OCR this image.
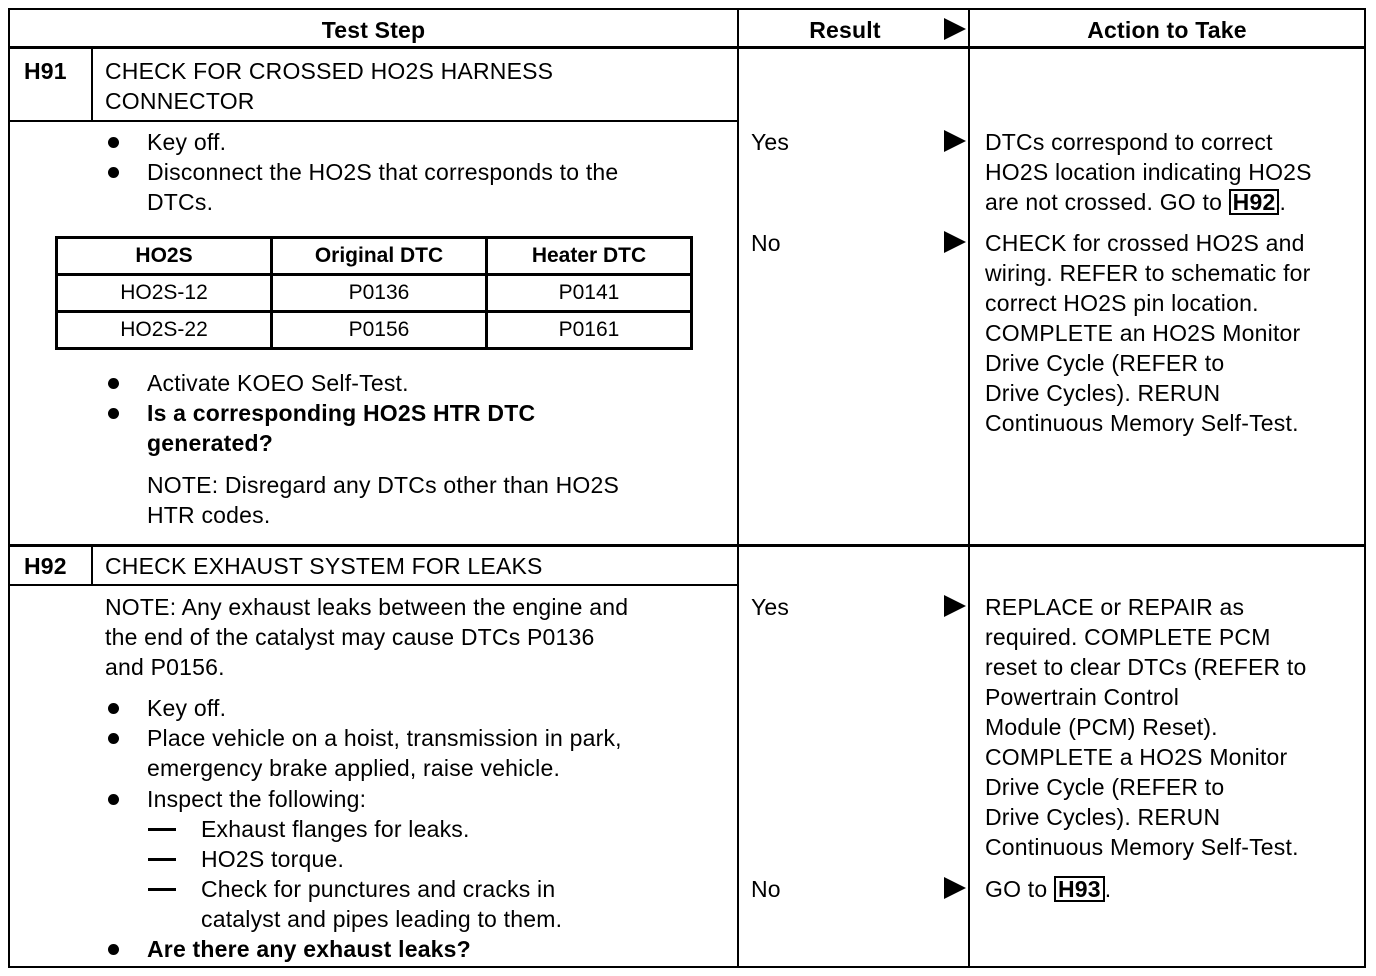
Test Step	Result	Action to Take
H91 CHECK FOR CROSSED HO2S HARNESS
CONNECTOR
Key off.
Disconnect the HO2S that corresponds to the
DTCs.
HO2S	Original DTC	Heater DTC
HO2S-12	P0136	P0141
HO2S-22	P0156	P0161
Activate KOEO Self-Test.
Is a corresponding HO2S HTR DTC
generated?
NOTE: Disregard any DTCs other than HO2S
HTR codes.
Yes	DTCs correspond to correct
HO2S location indicating HO2S
are not crossed. GO to H92 .
No	CHECK for crossed HO2S and
wiring. REFER to schematic for
correct HO2S pin location.
COMPLETE an HO2S Monitor
Drive Cycle (REFER to
Drive Cycles). RERUN
Continuous Memory Self-Test.
H92 CHECK EXHAUST SYSTEM FOR LEAKS
NOTE: Any exhaust leaks between the engine and
the end of the catalyst may cause DTCs P0136
and P0156.
Key off.
Place vehicle on a hoist, transmission in park,
emergency brake applied, raise vehicle.
Inspect the following:
Exhaust flanges for leaks.
HO2S torque.
Check for punctures and cracks in
catalyst and pipes leading to them.
Are there any exhaust leaks?
Yes	REPLACE or REPAIR as
required. COMPLETE PCM
reset to clear DTCs (REFER to
Powertrain Control
Module (PCM) Reset).
COMPLETE a HO2S Monitor
Drive Cycle (REFER to
Drive Cycles). RERUN
Continuous Memory Self-Test.
No	GO to H93 .
